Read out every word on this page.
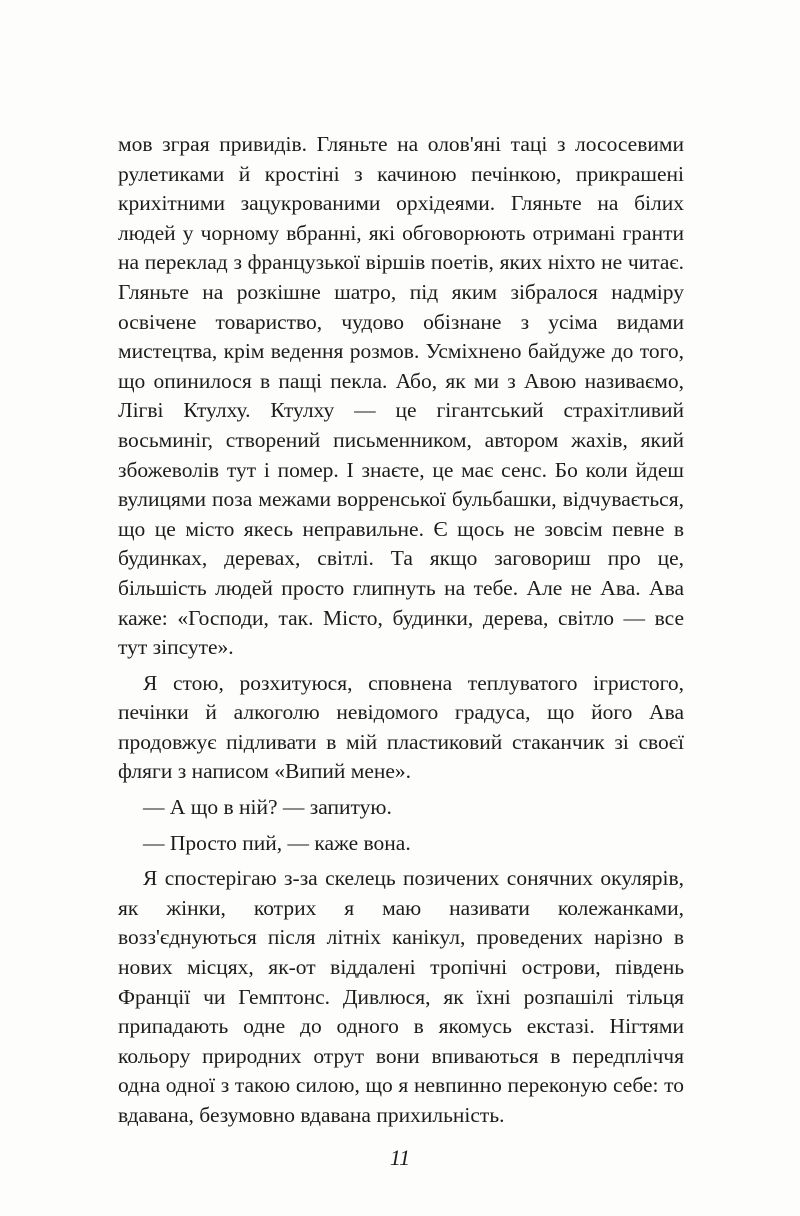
мов зграя привидів. Гляньте на олов'яні таці з лососевими рулетиками й кростіні з качиною печінкою, прикрашені крихітними зацукрованими орхідеями. Гляньте на білих людей у чорному вбранні, які обговорюють отримані гранти на переклад з французької віршів поетів, яких ніхто не читає. Гляньте на розкішне шатро, під яким зібралося надміру освічене товариство, чудово обізнане з усіма видами мистецтва, крім ведення розмов. Усміхнено байдуже до того, що опинилося в пащі пекла. Або, як ми з Авою називаємо, Лігві Ктулху. Ктулху — це гігантський страхітливий восьминіг, створений письменником, автором жахів, який збожеволів тут і помер. І знаєте, це має сенс. Бо коли йдеш вулицями поза межами ворренської бульбашки, відчувається, що це місто якесь неправильне. Є щось не зовсім певне в будинках, деревах, світлі. Та якщо заговориш про це, більшість людей просто глипнуть на тебе. Але не Ава. Ава каже: «Господи, так. Місто, будинки, дерева, світло — все тут зіпсуте».

Я стою, розхитуюся, сповнена теплуватого ігристого, печінки й алкоголю невідомого градуса, що його Ава продовжує підливати в мій пластиковий стаканчик зі своєї фляги з написом «Випий мене».

— А що в ній? — запитую.

— Просто пий, — каже вона.

Я спостерігаю з-за скелець позичених сонячних окулярів, як жінки, котрих я маю називати колежанками, возз'єднуються після літніх канікул, проведених нарізно в нових місцях, як-от віддалені тропічні острови, південь Франції чи Гемптонс. Дивлюся, як їхні розпашілі тільця припадають одне до одного в якомусь екстазі. Нігтями кольору природних отрут вони впиваються в передпліччя одна одної з такою силою, що я невпинно переконую себе: то вдавана, безумовно вдавана прихильність.

11
